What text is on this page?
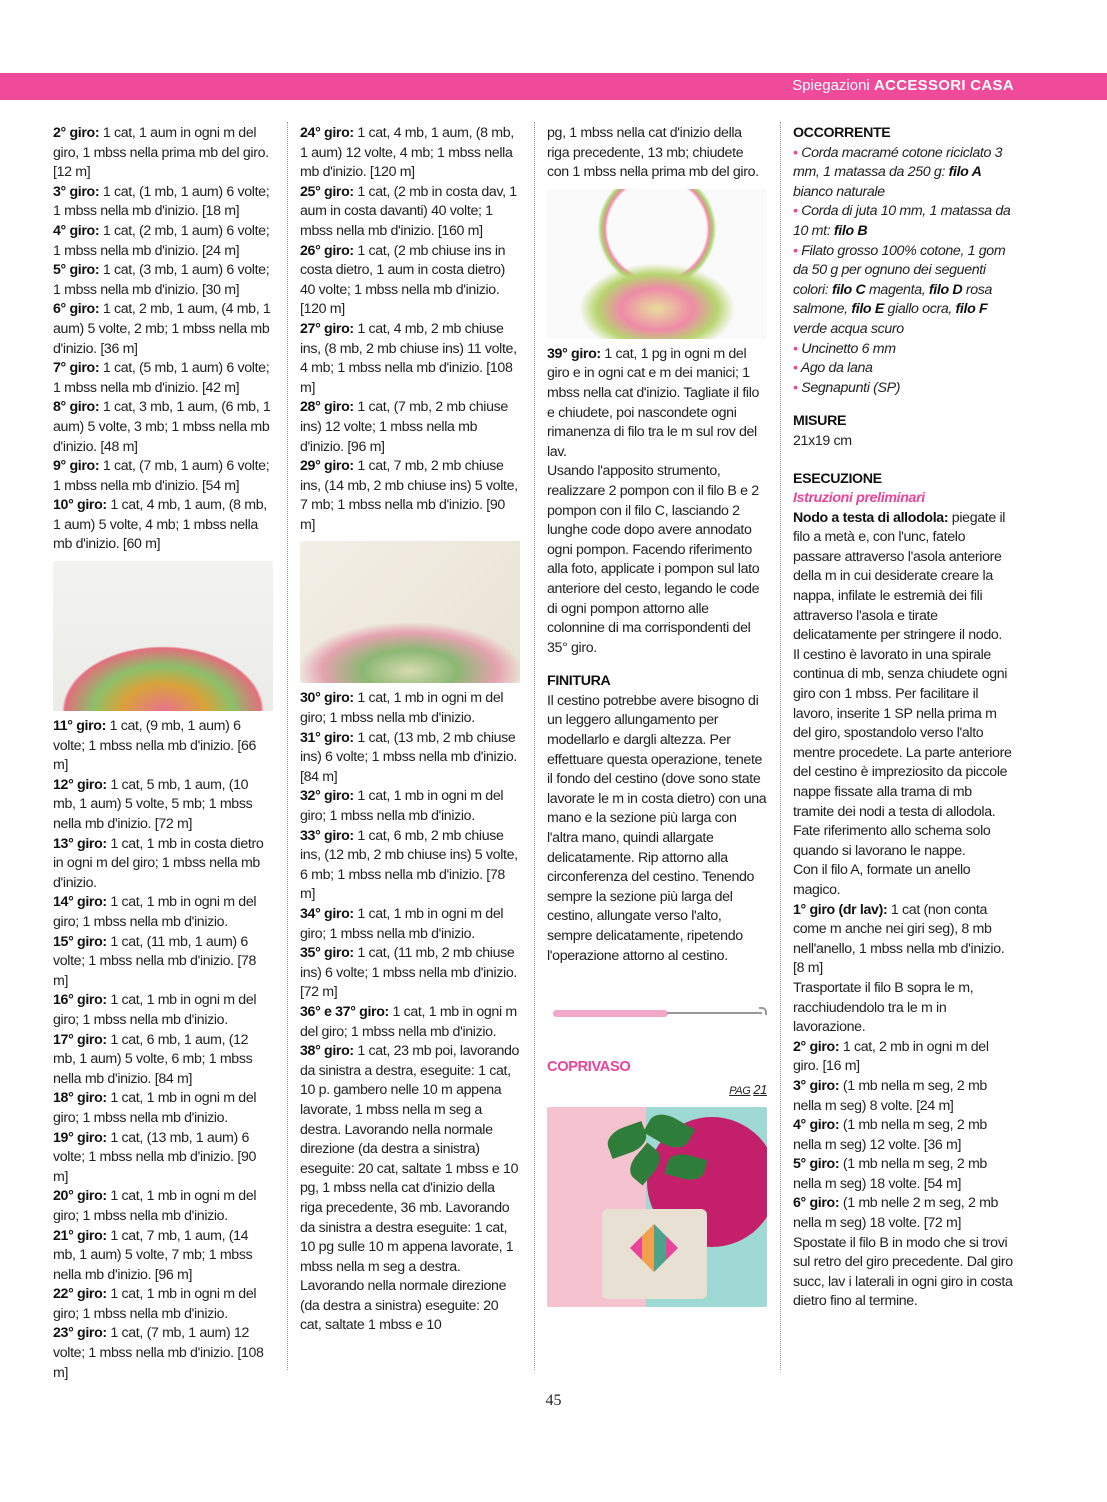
Spiegazioni ACCESSORI CASA

2° giro: 1 cat, 1 aum in ogni m del giro, 1 mbss nella prima mb del giro. [12 m]

3° giro: 1 cat, (1 mb, 1 aum) 6 volte; 1 mbss nella mb d'inizio. [18 m]

4° giro: 1 cat, (2 mb, 1 aum) 6 volte; 1 mbss nella mb d'inizio. [24 m]

5° giro: 1 cat, (3 mb, 1 aum) 6 volte; 1 mbss nella mb d'inizio. [30 m]

6° giro: 1 cat, 2 mb, 1 aum, (4 mb, 1 aum) 5 volte, 2 mb; 1 mbss nella mb d'inizio. [36 m]

7° giro: 1 cat, (5 mb, 1 aum) 6 volte; 1 mbss nella mb d'inizio. [42 m]

8° giro: 1 cat, 3 mb, 1 aum, (6 mb, 1 aum) 5 volte, 3 mb; 1 mbss nella mb d'inizio. [48 m]

9° giro: 1 cat, (7 mb, 1 aum) 6 volte; 1 mbss nella mb d'inizio. [54 m]

10° giro: 1 cat, 4 mb, 1 aum, (8 mb, 1 aum) 5 volte, 4 mb; 1 mbss nella mb d'inizio. [60 m]

11° giro: 1 cat, (9 mb, 1 aum) 6 volte; 1 mbss nella mb d'inizio. [66 m]

12° giro: 1 cat, 5 mb, 1 aum, (10 mb, 1 aum) 5 volte, 5 mb; 1 mbss nella mb d'inizio. [72 m]

13° giro: 1 cat, 1 mb in costa dietro in ogni m del giro; 1 mbss nella mb d'inizio.

14° giro: 1 cat, 1 mb in ogni m del giro; 1 mbss nella mb d'inizio.

15° giro: 1 cat, (11 mb, 1 aum) 6 volte; 1 mbss nella mb d'inizio. [78 m]

16° giro: 1 cat, 1 mb in ogni m del giro; 1 mbss nella mb d'inizio.

17° giro: 1 cat, 6 mb, 1 aum, (12 mb, 1 aum) 5 volte, 6 mb; 1 mbss nella mb d'inizio. [84 m]

18° giro: 1 cat, 1 mb in ogni m del giro; 1 mbss nella mb d'inizio.

19° giro: 1 cat, (13 mb, 1 aum) 6 volte; 1 mbss nella mb d'inizio. [90 m]

20° giro: 1 cat, 1 mb in ogni m del giro; 1 mbss nella mb d'inizio.

21° giro: 1 cat, 7 mb, 1 aum, (14 mb, 1 aum) 5 volte, 7 mb; 1 mbss nella mb d'inizio. [96 m]

22° giro: 1 cat, 1 mb in ogni m del giro; 1 mbss nella mb d'inizio.

23° giro: 1 cat, (7 mb, 1 aum) 12 volte; 1 mbss nella mb d'inizio. [108 m]

24° giro: 1 cat, 4 mb, 1 aum, (8 mb, 1 aum) 12 volte, 4 mb; 1 mbss nella mb d'inizio. [120 m]

25° giro: 1 cat, (2 mb in costa dav, 1 aum in costa davanti) 40 volte; 1 mbss nella mb d'inizio. [160 m]

26° giro: 1 cat, (2 mb chiuse ins in costa dietro, 1 aum in costa dietro) 40 volte; 1 mbss nella mb d'inizio. [120 m]

27° giro: 1 cat, 4 mb, 2 mb chiuse ins, (8 mb, 2 mb chiuse ins) 11 volte, 4 mb; 1 mbss nella mb d'inizio. [108 m]

28° giro: 1 cat, (7 mb, 2 mb chiuse ins) 12 volte; 1 mbss nella mb d'inizio. [96 m]

29° giro: 1 cat, 7 mb, 2 mb chiuse ins, (14 mb, 2 mb chiuse ins) 5 volte, 7 mb; 1 mbss nella mb d'inizio. [90 m]

30° giro: 1 cat, 1 mb in ogni m del giro; 1 mbss nella mb d'inizio.

31° giro: 1 cat, (13 mb, 2 mb chiuse ins) 6 volte; 1 mbss nella mb d'inizio. [84 m]

32° giro: 1 cat, 1 mb in ogni m del giro; 1 mbss nella mb d'inizio.

33° giro: 1 cat, 6 mb, 2 mb chiuse ins, (12 mb, 2 mb chiuse ins) 5 volte, 6 mb; 1 mbss nella mb d'inizio. [78 m]

34° giro: 1 cat, 1 mb in ogni m del giro; 1 mbss nella mb d'inizio.

35° giro: 1 cat, (11 mb, 2 mb chiuse ins) 6 volte; 1 mbss nella mb d'inizio. [72 m]

36° e 37° giro: 1 cat, 1 mb in ogni m del giro; 1 mbss nella mb d'inizio.

38° giro: 1 cat, 23 mb poi, lavorando da sinistra a destra, eseguite: 1 cat, 10 p. gambero nelle 10 m appena lavorate, 1 mbss nella m seg a destra. Lavorando nella normale direzione (da destra a sinistra) eseguite: 20 cat, saltate 1 mbss e 10 pg, 1 mbss nella cat d'inizio della riga precedente, 36 mb. Lavorando da sinistra a destra eseguite: 1 cat, 10 pg sulle 10 m appena lavorate, 1 mbss nella m seg a destra. Lavorando nella normale direzione (da destra a sinistra) eseguite: 20 cat, saltate 1 mbss e 10

pg, 1 mbss nella cat d'inizio della riga precedente, 13 mb; chiudete con 1 mbss nella prima mb del giro.

39° giro: 1 cat, 1 pg in ogni m del giro e in ogni cat e m dei manici; 1 mbss nella cat d'inizio. Tagliate il filo e chiudete, poi nascondete ogni rimanenza di filo tra le m sul rov del lav.

Usando l'apposito strumento, realizzare 2 pompon con il filo B e 2 pompon con il filo C, lasciando 2 lunghe code dopo avere annodato ogni pompon. Facendo riferimento alla foto, applicate i pompon sul lato anteriore del cesto, legando le code di ogni pompon attorno alle colonnine di ma corrispondenti del 35° giro.

FINITURA

Il cestino potrebbe avere bisogno di un leggero allungamento per modellarlo e dargli altezza. Per effettuare questa operazione, tenete il fondo del cestino (dove sono state lavorate le m in costa dietro) con una mano e la sezione più larga con l'altra mano, quindi allargate delicatamente. Rip attorno alla circonferenza del cestino. Tenendo sempre la sezione più larga del cestino, allungate verso l'alto, sempre delicatamente, ripetendo l'operazione attorno al cestino.

COPRIVASO

PAG 21

OCCORRENTE

• Corda macramé cotone riciclato 3 mm, 1 matassa da 250 g: filo A bianco naturale

• Corda di juta 10 mm, 1 matassa da 10 mt: filo B

• Filato grosso 100% cotone, 1 gom da 50 g per ognuno dei seguenti colori: filo C magenta, filo D rosa salmone, filo E giallo ocra, filo F verde acqua scuro

• Uncinetto 6 mm

• Ago da lana

• Segnapunti (SP)

MISURE

21x19 cm

ESECUZIONE

Istruzioni preliminari

Nodo a testa di allodola: piegate il filo a metà e, con l'unc, fatelo passare attraverso l'asola anteriore della m in cui desiderate creare la nappa, infilate le estremià dei fili attraverso l'asola e tirate delicatamente per stringere il nodo.

Il cestino è lavorato in una spirale continua di mb, senza chiudete ogni giro con 1 mbss. Per facilitare il lavoro, inserite 1 SP nella prima m del giro, spostandolo verso l'alto mentre procedete. La parte anteriore del cestino è impreziosito da piccole nappe fissate alla trama di mb tramite dei nodi a testa di allodola. Fate riferimento allo schema solo quando si lavorano le nappe.

Con il filo A, formate un anello magico.

1° giro (dr lav): 1 cat (non conta come m anche nei giri seg), 8 mb nell'anello, 1 mbss nella mb d'inizio. [8 m]

Trasportate il filo B sopra le m, racchiudendolo tra le m in lavorazione.

2° giro: 1 cat, 2 mb in ogni m del giro. [16 m]

3° giro: (1 mb nella m seg, 2 mb nella m seg) 8 volte. [24 m]

4° giro: (1 mb nella m seg, 2 mb nella m seg) 12 volte. [36 m]

5° giro: (1 mb nella m seg, 2 mb nella m seg) 18 volte. [54 m]

6° giro: (1 mb nelle 2 m seg, 2 mb nella m seg) 18 volte. [72 m]

Spostate il filo B in modo che si trovi sul retro del giro precedente. Dal giro succ, lav i laterali in ogni giro in costa dietro fino al termine.

45
